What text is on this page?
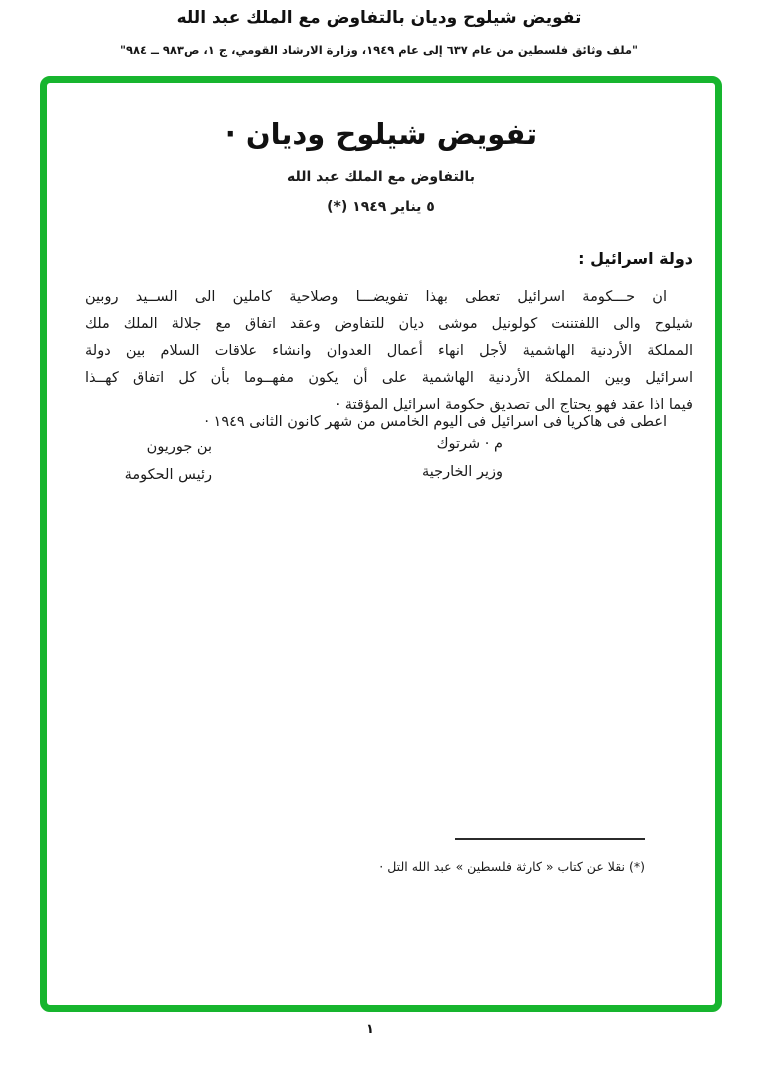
تفويض شيلوح وديان بالتفاوض مع الملك عبد الله
"ملف وثائق فلسطين من عام ٦٣٧ إلى عام ١٩٤٩، وزارة الارشاد القومي، ج ١، ص٩٨٣ ــ ٩٨٤"
تفويض شيلوح وديان ·
بالتفاوض مع الملك عبد الله
٥ يناير ١٩٤٩ (*)
دولة اسرائيل :
ان حـــكومة اسرائيل تعطى بهذا تفويضـــا وصلاحية كاملين الى الســيد روبين
شيلوح والى اللفتننت كولونيل موشى ديان للتفاوض وعقد اتفاق مع جلالة الملك ملك
المملكة الأردنية الهاشمية لأجل انهاء أعمال العدوان وانشاء علاقات السلام بين دولة
اسرائيل وبين المملكة الأردنية الهاشمية على أن يكون مفهــوما بأن كل اتفاق كهــذا
فيما اذا عقد فهو يحتاج الى تصديق حكومة اسرائيل المؤقتة ·
اعطى فى هاكريا فى اسرائيل فى اليوم الخامس من شهر كانون الثانى ١٩٤٩ ·
م · شرتوك
وزير الخارجية
بن جوريون
رئيس الحكومة
(*) نقلا عن كتاب « كارثة فلسطين » عبد الله التل ·
١
